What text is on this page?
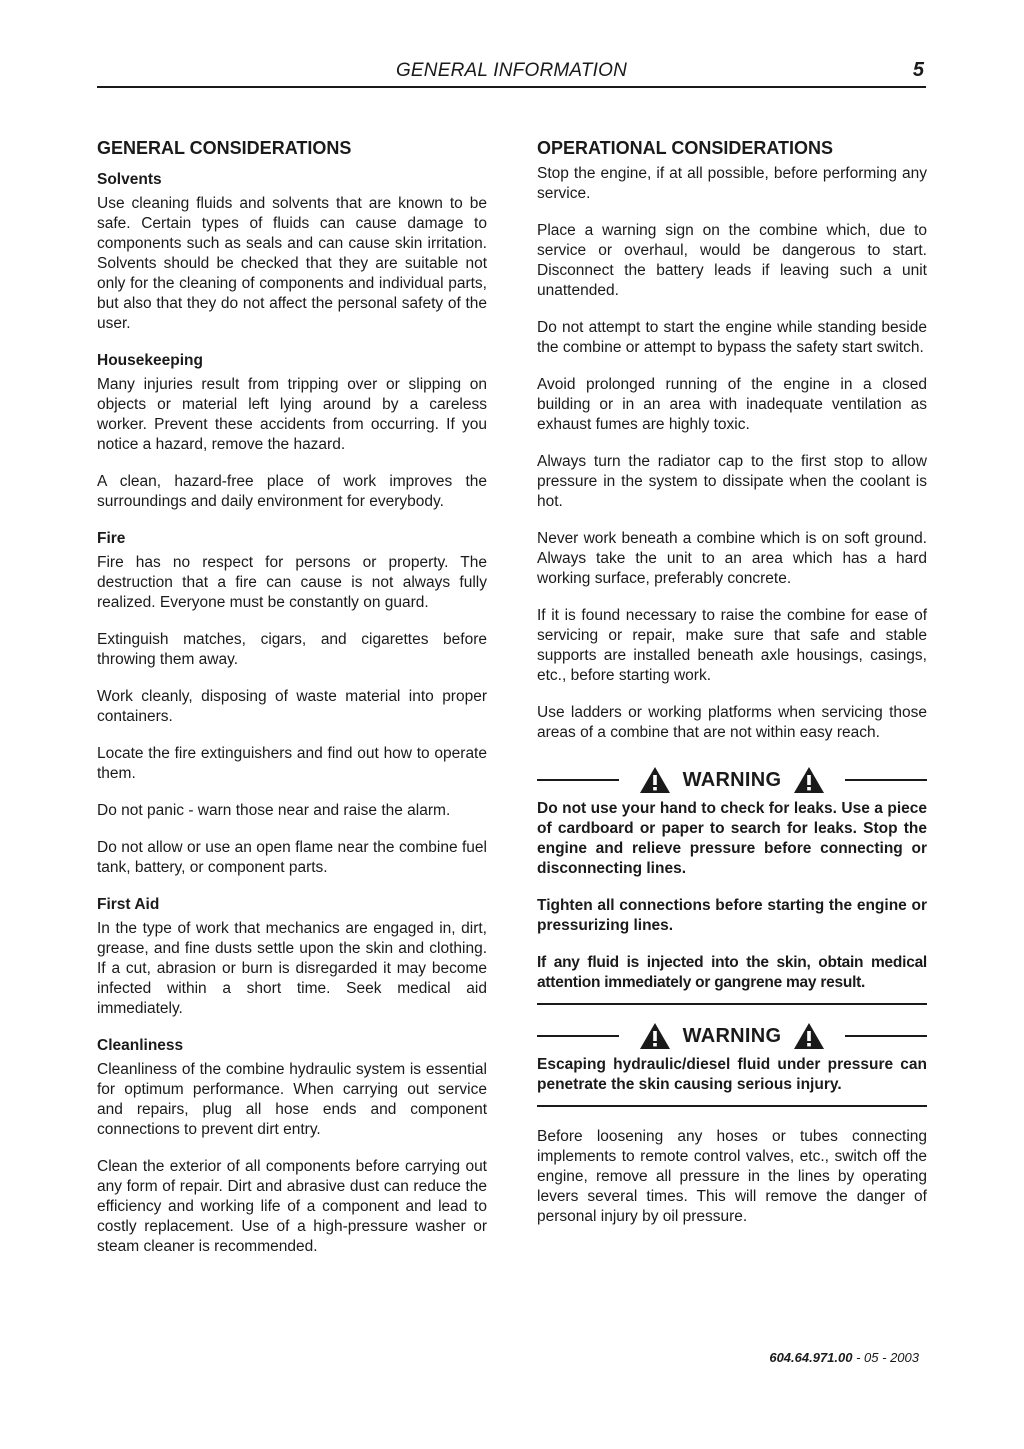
GENERAL INFORMATION	5
GENERAL CONSIDERATIONS
Solvents

Use cleaning fluids and solvents that are known to be safe. Certain types of fluids can cause damage to components such as seals and can cause skin irritation. Solvents should be checked that they are suitable not only for the cleaning of components and individual parts, but also that they do not affect the personal safety of the user.

Housekeeping

Many injuries result from tripping over or slipping on objects or material left lying around by a careless worker. Prevent these accidents from occurring. If you notice a hazard, remove the hazard.

A clean, hazard-free place of work improves the surroundings and daily environment for everybody.

Fire

Fire has no respect for persons or property. The destruction that a fire can cause is not always fully realized. Everyone must be constantly on guard.

Extinguish matches, cigars, and cigarettes before throwing them away.

Work cleanly, disposing of waste material into proper containers.

Locate the fire extinguishers and find out how to operate them.

Do not panic - warn those near and raise the alarm.

Do not allow or use an open flame near the combine fuel tank, battery, or component parts.

First Aid

In the type of work that mechanics are engaged in, dirt, grease, and fine dusts settle upon the skin and clothing. If a cut, abrasion or burn is disregarded it may become infected within a short time. Seek medical aid immediately.

Cleanliness

Cleanliness of the combine hydraulic system is essential for optimum performance. When carrying out service and repairs, plug all hose ends and component connections to prevent dirt entry.

Clean the exterior of all components before carrying out any form of repair. Dirt and abrasive dust can reduce the efficiency and working life of a component and lead to costly replacement. Use of a high-pressure washer or steam cleaner is recommended.

OPERATIONAL CONSIDERATIONS

Stop the engine, if at all possible, before performing any service.

Place a warning sign on the combine which, due to service or overhaul, would be dangerous to start. Disconnect the battery leads if leaving such a unit unattended.

Do not attempt to start the engine while standing beside the combine or attempt to bypass the safety start switch.

Avoid prolonged running of the engine in a closed building or in an area with inadequate ventilation as exhaust fumes are highly toxic.

Always turn the radiator cap to the first stop to allow pressure in the system to dissipate when the coolant is hot.

Never work beneath a combine which is on soft ground. Always take the unit to an area which has a hard working surface, preferably concrete.

If it is found necessary to raise the combine for ease of servicing or repair, make sure that safe and stable supports are installed beneath axle housings, casings, etc., before starting work.

Use ladders or working platforms when servicing those areas of a combine that are not within easy reach.

WARNING

Do not use your hand to check for leaks. Use a piece of cardboard or paper to search for leaks. Stop the engine and relieve pressure before connecting or disconnecting lines.

Tighten all connections before starting the engine or pressurizing lines.

If any fluid is injected into the skin, obtain medical attention immediately or gangrene may result.

WARNING

Escaping hydraulic/diesel fluid under pressure can penetrate the skin causing serious injury.

Before loosening any hoses or tubes connecting implements to remote control valves, etc., switch off the engine, remove all pressure in the lines by operating levers several times. This will remove the danger of personal injury by oil pressure.

604.64.971.00 - 05 - 2003
